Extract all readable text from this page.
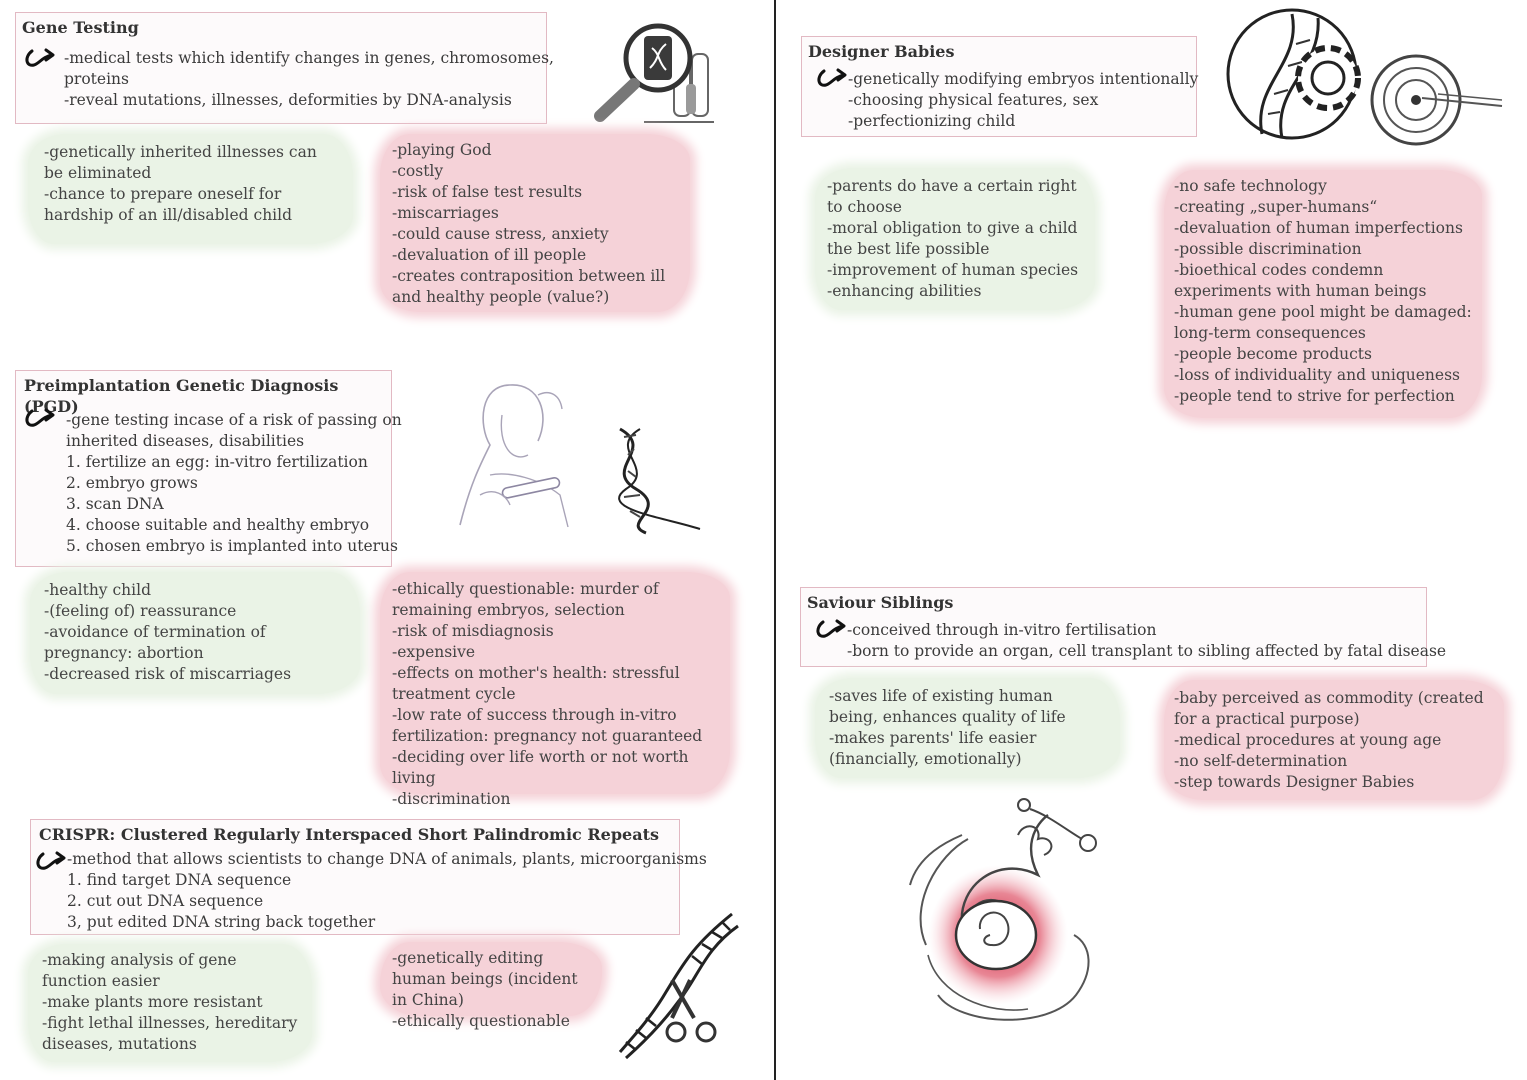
Gene Testing
-medical tests which identify changes in genes, chromosomes,
proteins
-reveal mutations, illnesses, deformities by DNA-analysis
-genetically inherited illnesses can be eliminated
-chance to prepare oneself for hardship of an ill/disabled child
-playing God
-costly
-risk of false test results
-miscarriages
-could cause stress, anxiety
-devaluation of ill people
-creates contraposition between ill and healthy people (value?)
Preimplantation Genetic Diagnosis (PGD)
-gene testing incase of a risk of passing on
inherited diseases, disabilities
1. fertilize an egg: in-vitro fertilization
2. embryo grows
3. scan DNA
4. choose suitable and healthy embryo
5. chosen embryo is implanted into uterus
-healthy child
-(feeling of) reassurance
-avoidance of termination of pregnancy: abortion
-decreased risk of miscarriages
-ethically questionable: murder of remaining embryos, selection
-risk of misdiagnosis
-expensive
-effects on mother's health: stressful treatment cycle
-low rate of success through in-vitro fertilization: pregnancy not guaranteed
-deciding over life worth or not worth living
-discrimination
CRISPR: Clustered Regularly Interspaced Short Palindromic Repeats
-method that allows scientists to change DNA of animals, plants, microorganisms
1. find target DNA sequence
2. cut out DNA sequence
3, put edited DNA string back together
-making analysis of gene function easier
-make plants more resistant
-fight lethal illnesses, hereditary diseases, mutations
-genetically editing human beings (incident in China)
-ethically questionable
Designer Babies
-genetically modifying embryos intentionally
-choosing physical features, sex
-perfectionizing child
-parents do have a certain right to choose
-moral obligation to give a child the best life possible
-improvement of human species
-enhancing abilities
-no safe technology
-creating „super-humans“
-devaluation of human imperfections
-possible discrimination
-bioethical codes condemn experiments with human beings
-human gene pool might be damaged: long-term consequences
-people become products
-loss of individuality and uniqueness
-people tend to strive for perfection
Saviour Siblings
-conceived through in-vitro fertilisation
-born to provide an organ, cell transplant to sibling affected by fatal disease
-saves life of existing human being, enhances quality of life
-makes parents' life easier (financially, emotionally)
-baby perceived as commodity (created for a practical purpose)
-medical procedures at young age
-no self-determination
-step towards Designer Babies
